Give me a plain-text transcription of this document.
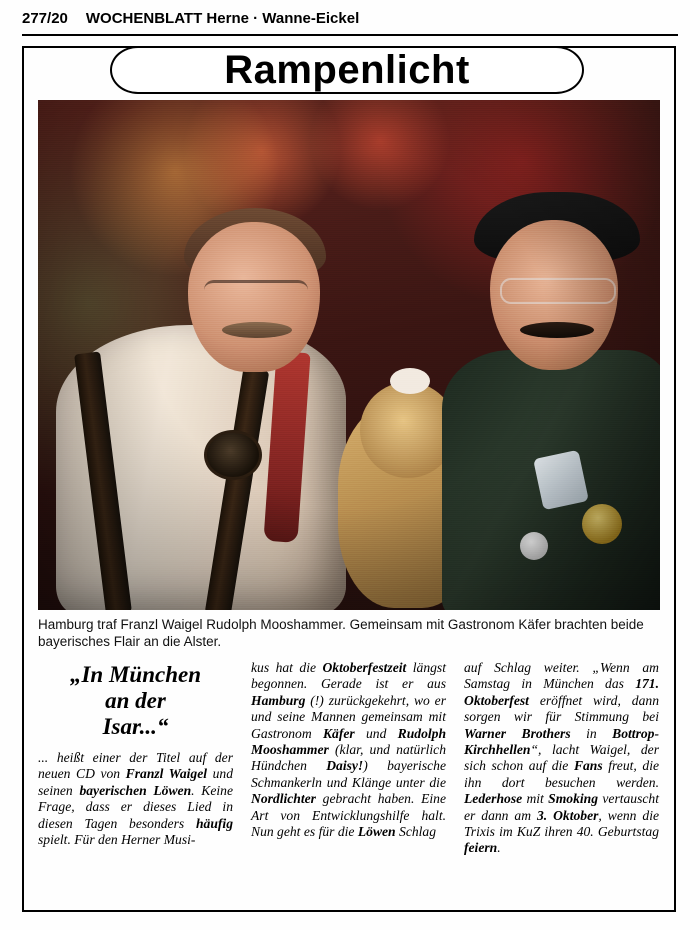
277/20 WOCHENBLATT Herne · Wanne-Eickel
Rampenlicht
Hamburg traf Franzl Waigel Rudolph Mooshammer. Gemeinsam mit Gastronom Käfer brachten beide bayerisches Flair an die Alster.
„In München
an der
Isar...“

... heißt einer der Titel auf der neuen CD von Franzl Waigel und seinen bayerischen Löwen. Keine Frage, dass er dieses Lied in diesen Tagen besonders häufig spielt. Für den Herner Musi-

kus hat die Oktoberfestzeit längst begonnen. Gerade ist er aus Hamburg (!) zurückgekehrt, wo er und seine Mannen gemeinsam mit Gastronom Käfer und Rudolph Mooshammer (klar, und natürlich Hündchen Daisy!) bayerische Schmankerln und Klänge unter die Nordlichter gebracht haben. Eine Art von Entwicklungshilfe halt. Nun geht es für die Löwen Schlag

auf Schlag weiter. „Wenn am Samstag in München das 171. Oktoberfest eröffnet wird, dann sorgen wir für Stimmung bei Warner Brothers in Bottrop-Kirchhellen“, lacht Waigel, der sich schon auf die Fans freut, die ihn dort besuchen werden. Lederhose mit Smoking vertauscht er dann am 3. Oktober, wenn die Trixis im KuZ ihren 40. Geburtstag feiern.
